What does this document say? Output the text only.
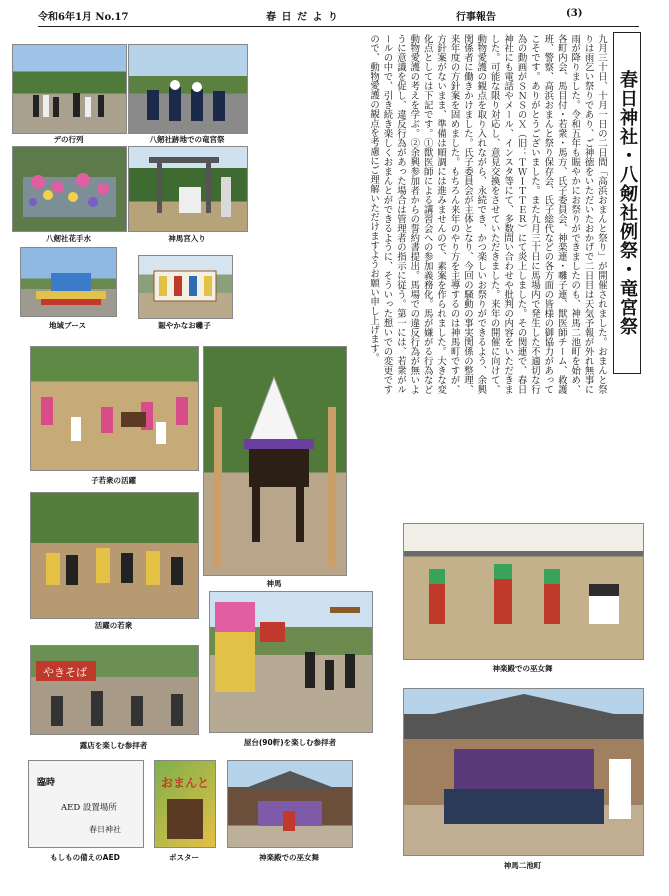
令和6年1月 No.17	春 日 だ よ り	行事報告	(3)
春日神社・八剱社例祭・竜宮祭
九月三十日、十月一日の二日間「高浜おまんと祭り」が開催されました。おまんと祭りは雨乞い祭りであり、ご神徳をいただいたおかげで二日目は天気予報が外れ無事に雨が降りました。令和五年も賑やかにお祭りができましたのも、神馬二池町を始め、各町内会、馬目付・若衆・馬方、氏子委員会、神楽連・囃子連、獣医師チーム、救護班、警察、高浜おまんと祭り保存会、氏子総代などの各方面の皆様の御協力があってこそです。ありがとうございました。また九月三十日に馬場内で発生した不適切な行為の動画がＳＮＳのＸ（旧：ＴＷＩＴＴＥＲ）にて炎上しました。その関連で、春日神社にも電話やメール、インスタ等にて、多数問い合わせや批判の内容をいただきました。可能な限り対応し、意見交換をさせていただきました。来年の開催に向けて、動物愛護の観点を取り入れながら、永続でき、かつ楽しいお祭りができるよう、余興関係者に働きかけました。氏子委員会が主体となり、今回の騒動の事実関係の整理、来年度の方針案を固めました。もちろん来年のやり方を主導するのは神馬町ですが、方針案がないまま、準備は順調には進みませんので、素案を作られました。大きな変化点としては下記です。①獣医師による講習会への参加義務化。馬が嫌がる行為など動物愛護の考えを学ぶ。②余興参加者からの誓約書提出。馬場での違反行為が無いように意識を促し、違反行為があった場合は管理者の指示に従う。第一には、若衆がルールの中で、引き続き楽しくおまんとができるように、そういった想いでの変更ですので、動物愛護の観点を考慮にご理解いただけますようお願い申し上げます。
デの行列	八剱社跡地での竜宮祭
八剱社花手水	神馬宮入り
地域ブース	賑やかなお囃子
子若衆の活躍
神馬
神楽殿での巫女舞
活躍の若衆
屋台(90軒)を楽しむ参拝者
やきそば
露店を楽しむ参拝者
神馬二池町
臨時
AED 設置場所
春日神社
もしもの備えのAED
おまんと
ポスター	神楽殿での巫女舞
